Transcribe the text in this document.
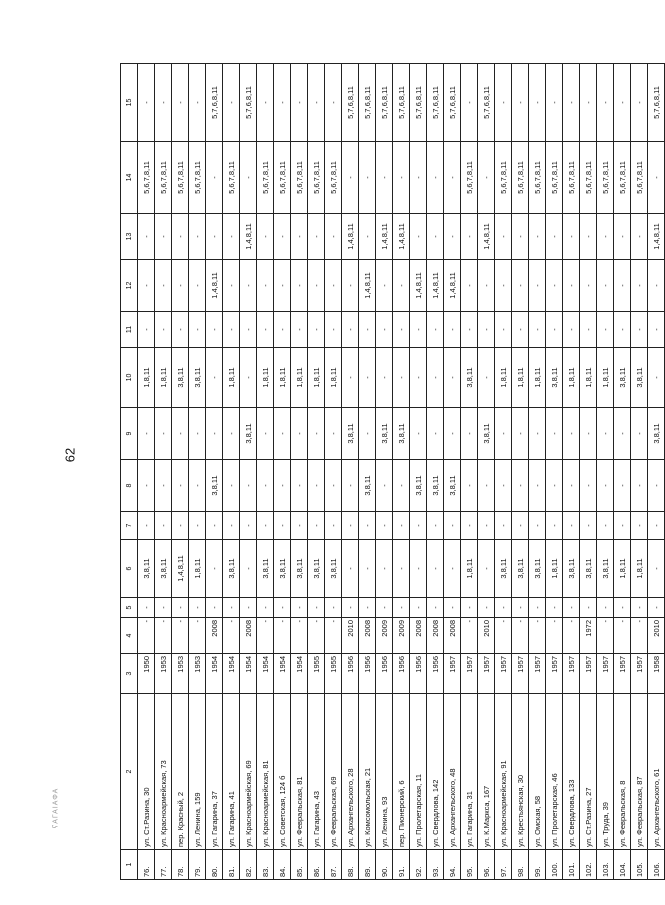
62
ʕΑΓΑΙΑΦΑ
1	2	3	4	5	6	7	8	9	10	11	12	13	14	15
76.	ул. Ст.Разина, 30	1950	-	-	3,8,11	-	-	-	1,8,11	-	-	-	5,6,7,8,11	-
77.	ул. Красноармейская, 73	1953	-	-	3,8,11	-	-	-	1,8,11	-	-	-	5,6,7,8,11	-
78.	пер. Красный, 2	1953	-	-	1,4,8,11	-	-	-	3,8,11	-	-	-	5,6,7,8,11	-
79.	ул. Ленина, 159	1953	-	-	1,8,11	-	-	-	3,8,11	-	-	-	5,6,7,8,11	-
80.	ул. Гагарина, 37	1954	2008	-	-	-	3,8,11	-	-	-	1,4,8,11	-	-	5,7,6,8,11
81.	ул. Гагарина, 41	1954	-	-	3,8,11	-	-	-	1,8,11	-	-	-	5,6,7,8,11	-
82.	ул. Красноармейская, 69	1954	2008	-	-	-	-	3,8,11	-	-	-	1,4,8,11	-	5,7,6,8,11
83.	ул. Красноармейская, 81	1954	-	-	3,8,11	-	-	-	1,8,11	-	-	-	5,6,7,8,11	-
84.	ул. Советская, 124 б	1954	-	-	3,8,11	-	-	-	1,8,11	-	-	-	5,6,7,8,11	-
85.	ул. Февральская, 81	1954	-	-	3,8,11	-	-	-	1,8,11	-	-	-	5,6,7,8,11	-
86.	ул. Гагарина, 43	1955	-	-	3,8,11	-	-	-	1,8,11	-	-	-	5,6,7,8,11	-
87.	ул. Февральская, 69	1955	-	-	3,8,11	-	-	-	1,8,11	-	-	-	5,6,7,8,11	-
88.	ул. Архангельского, 28	1956	2010	-	-	-	-	3,8,11	-	-	-	1,4,8,11	-	5,7,6,8,11
89.	ул. Комсомольская, 21	1956	2008	-	-	-	3,8,11	-	-	-	1,4,8,11	-	-	5,7,6,8,11
90.	ул. Ленина, 93	1956	2009	-	-	-	-	3,8,11	-	-	-	1,4,8,11	-	5,7,6,8,11
91.	пер. Пионерский, 6	1956	2009	-	-	-	-	3,8,11	-	-	-	1,4,8,11	-	5,7,6,8,11
92.	ул. Пролетарская, 11	1956	2008	-	-	-	3,8,11	-	-	-	1,4,8,11	-	-	5,7,6,8,11
93.	ул. Свердлова, 142	1956	2008	-	-	-	3,8,11	-	-	-	1,4,8,11	-	-	5,7,6,8,11
94.	ул. Архангельского, 48	1957	2008	-	-	-	3,8,11	-	-	-	1,4,8,11	-	-	5,7,6,8,11
95.	ул. Гагарина, 31	1957	-	-	1,8,11	-	-	-	3,8,11	-	-	-	5,6,7,8,11	-
96.	ул. К.Маркса, 167	1957	2010	-	-	-	-	3,8,11	-	-	-	1,4,8,11	-	5,7,6,8,11
97.	ул. Красноармейская, 91	1957	-	-	3,8,11	-	-	-	1,8,11	-	-	-	5,6,7,8,11	-
98.	ул. Крестьянская, 30	1957	-	-	3,8,11	-	-	-	1,8,11	-	-	-	5,6,7,8,11	-
99.	ул. Омская, 58	1957	-	-	3,8,11	-	-	-	1,8,11	-	-	-	5,6,7,8,11	-
100.	ул. Пролетарская, 46	1957	-	-	1,8,11	-	-	-	3,8,11	-	-	-	5,6,7,8,11	-
101.	ул. Свердлова, 133	1957	-	-	3,8,11	-	-	-	1,8,11	-	-	-	5,6,7,8,11	-
102.	ул. Ст.Разина, 27	1957	1972	-	3,8,11	-	-	-	1,8,11	-	-	-	5,6,7,8,11	-
103.	ул. Труда, 39	1957	-	-	3,8,11	-	-	-	1,8,11	-	-	-	5,6,7,8,11	-
104.	ул. Февральская, 8	1957	-	-	1,8,11	-	-	-	3,8,11	-	-	-	5,6,7,8,11	-
105.	ул. Февральская, 87	1957	-	-	1,8,11	-	-	-	3,8,11	-	-	-	5,6,7,8,11	-
106.	ул. Архангельского, 61	1958	2010	-	-	-	-	3,8,11	-	-	-	1,4,8,11	-	5,7,6,8,11
